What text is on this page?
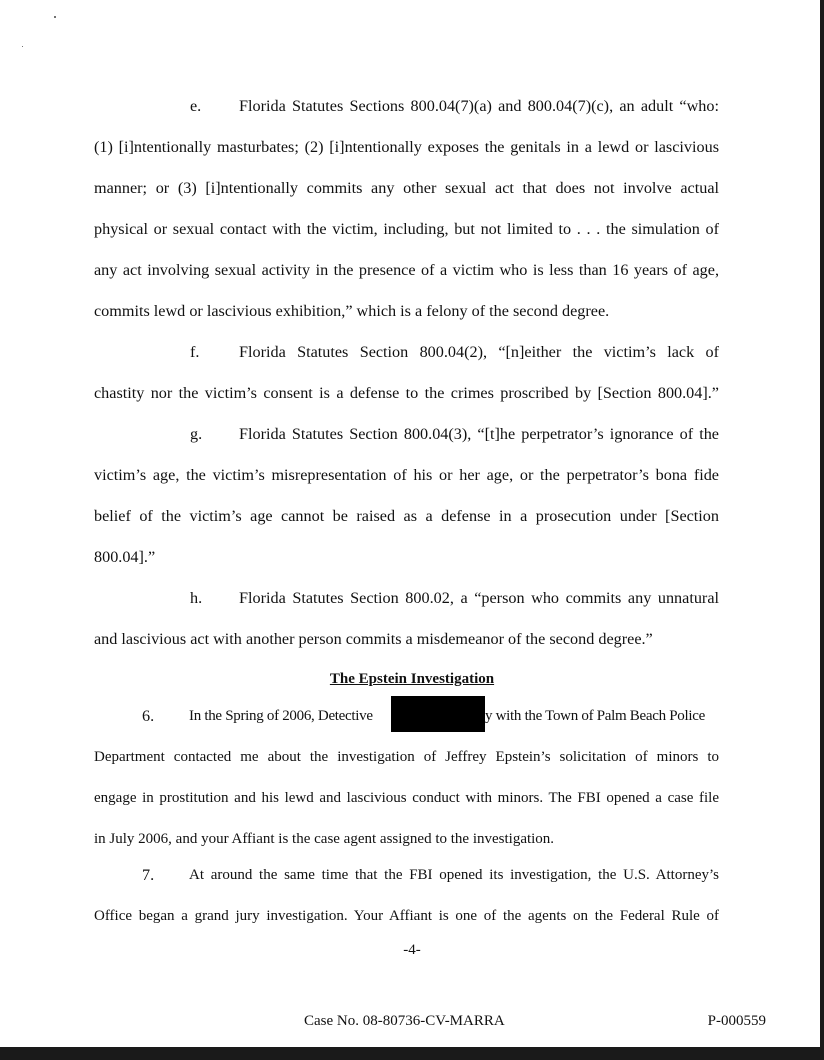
e. Florida Statutes Sections 800.04(7)(a) and 800.04(7)(c), an adult “who:
(1) [i]ntentionally masturbates; (2) [i]ntentionally exposes the genitals in a lewd or lascivious
manner; or (3) [i]ntentionally commits any other sexual act that does not involve actual
physical or sexual contact with the victim, including, but not limited to . . . the simulation of
any act involving sexual activity in the presence of a victim who is less than 16 years of age,
commits lewd or lascivious exhibition,” which is a felony of the second degree.
f. Florida Statutes Section 800.04(2), “[n]either the victim’s lack of
chastity nor the victim’s consent is a defense to the crimes proscribed by [Section 800.04].”
g. Florida Statutes Section 800.04(3), “[t]he perpetrator’s ignorance of the
victim’s age, the victim’s misrepresentation of his or her age, or the perpetrator’s bona fide
belief of the victim’s age cannot be raised as a defense in a prosecution under [Section
800.04].”
h. Florida Statutes Section 800.02, a “person who commits any unnatural
and lascivious act with another person commits a misdemeanor of the second degree.”
The Epstein Investigation
6. In the Spring of 2006, Detective	y with the Town of Palm Beach Police
Department contacted me about the investigation of Jeffrey Epstein’s solicitation of minors to
engage in prostitution and his lewd and lascivious conduct with minors. The FBI opened a case file
in July 2006, and your Affiant is the case agent assigned to the investigation.
7. At around the same time that the FBI opened its investigation, the U.S. Attorney’s
Office began a grand jury investigation. Your Affiant is one of the agents on the Federal Rule of
-4-
Case No. 08-80736-CV-MARRA	P-000559
